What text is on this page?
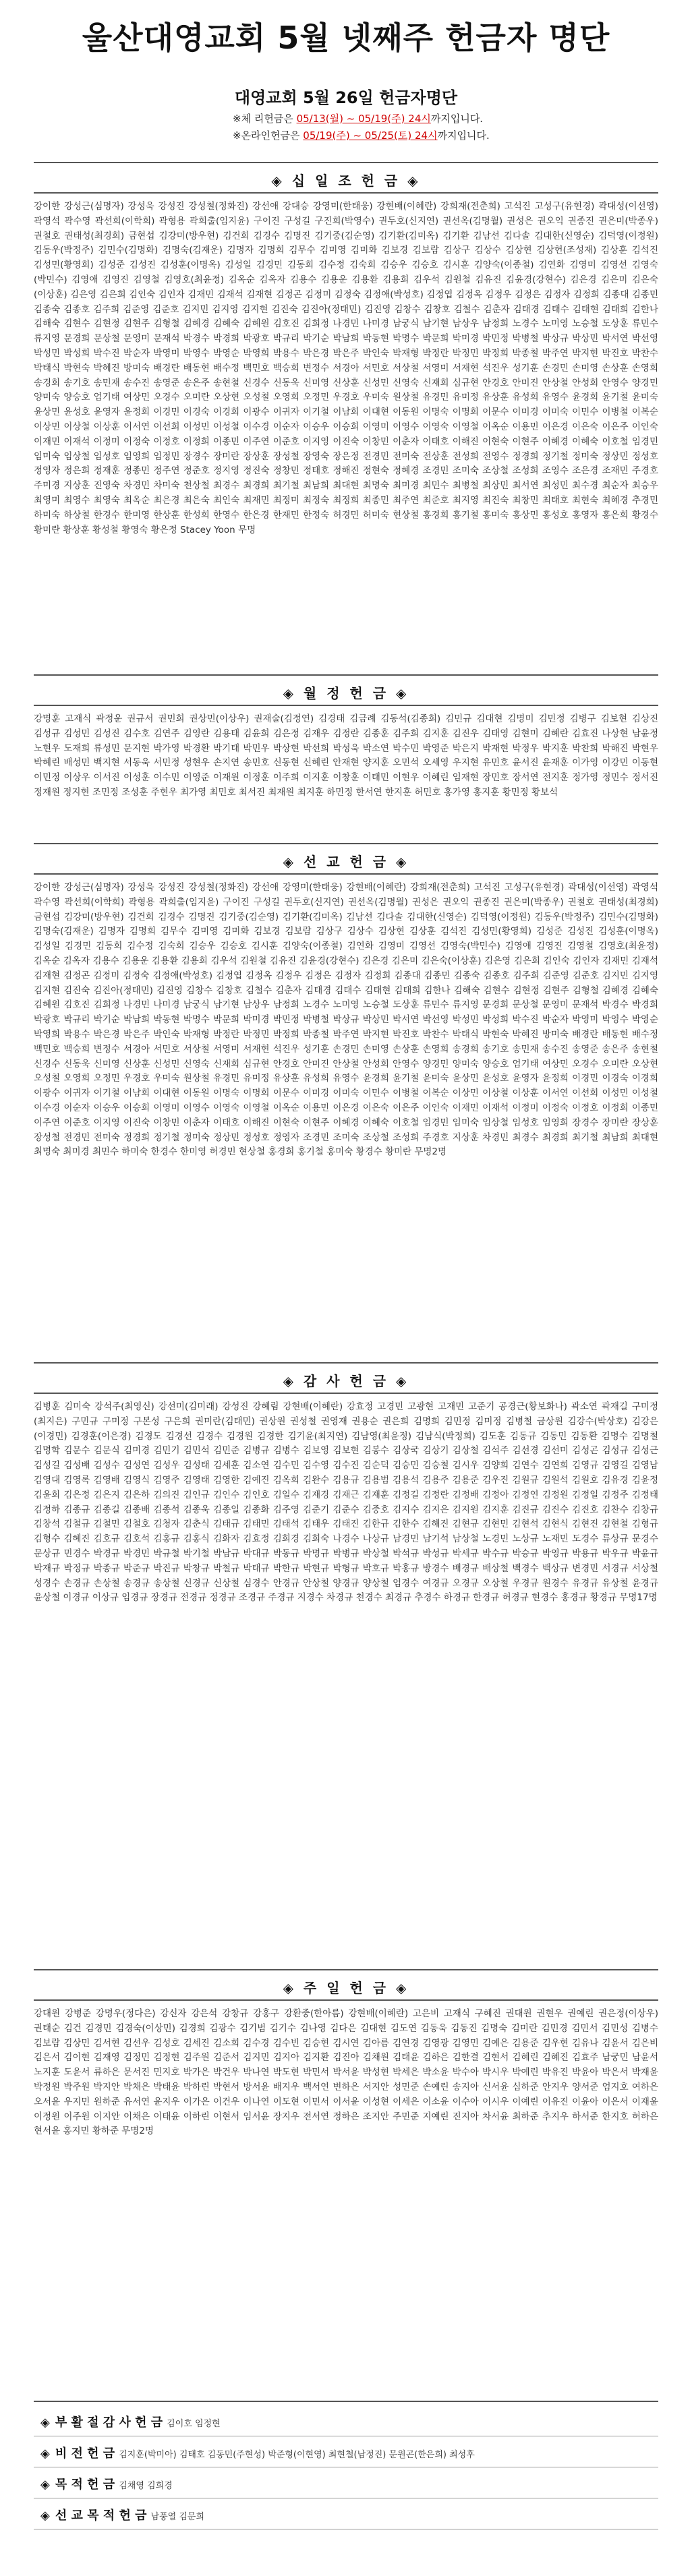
울산대영교회 5월 넷째주 헌금자 명단
대영교회 5월 26일 헌금자명단
※체 리헌금은 05/13(월) ~ 05/19(주) 24시까지입니다.
※온라인헌금은 05/19(주) ~ 05/25(토) 24시까지입니다.
◈ 십 일 조 헌 금 ◈
강이한 강성근(심명자) 강성욱 강성진 강성철(정화진) 강선애 강대승 강영미(한태웅) 강현배(이혜란) 강희재(전춘희) 고석진 고성구(유현경) 곽대성(이선영) 곽영석 곽수영 곽선희(이학희) 곽형용 곽희출(임지윤) 구이진 구성길 구진희(박영수) 권두호(신지연) 권선옥(김명월) 권성은 권오익 권종진 권은미(박종우) 권철호 권태성(최경희) 금현섭 김강미(방우현) 김건희 김경수 김명진 김기중(김순영) 김기환(김미옥) 김기환 김남선 김다솔 김대한(신영순) 김덕영(이정원) 김동우(박정주) 김민수(김명화) 김명숙(김재운) 김명자 김명희 김무수 김미영 김미화 김보경 김보람 김상구 김상수 김상현 김상헌(조성재) 김상훈 김석진 김성민(황영희) 김성준 김성진 김성훈(이명옥) 김성일 김경민 김동희 김수정 김숙희 김승우 김승호 김시훈 김양숙(이종철) 김연화 김영미 김영선 김영숙(박민수) 김영애 김영진 김영철 김영호(최윤정) 김옥순 김옥자 김용수 김용운 김용환 김용희 김우석 김원철 김유진 김윤경(강현수) 김은경 김은미 김은숙(이상훈) 김은영 김은희 김인숙 김인자 김재민 김재석 김재현 김정곤 김정미 김정숙 김정애(박성호) 김정엽 김정옥 김정우 김정은 김정자 김정희 김종대 김종민 김종숙 김종호 김주희 김준영 김준호 김지민 김지영 김지현 김진숙 김진아(정태민) 김진영 김창수 김창호 김철수 김춘자 김태경 김태수 김태현 김태희 김한나 김해숙 김현수 김현정 김현주 김형철 김혜경 김혜숙 김혜원 김호진 김희정 나경민 나미경 남궁식 남기현 남상우 남정희 노경수 노미영 노승철 도상훈 류민수 류지영 문경희 문상철 문영미 문재석 박경수 박경희 박광호 박규리 박기순 박남희 박동현 박명수 박문희 박미경 박민정 박병철 박상규 박상민 박서연 박선영 박성민 박성희 박수진 박순자 박영미 박영수 박영순 박영희 박용수 박은경 박은주 박인숙 박재형 박정란 박정민 박정희 박종철 박주연 박지현 박진호 박찬수 박태식 박현숙 박혜진 방미숙 배경란 배동현 배수정 백민호 백승희 변정수 서경아 서민호 서상철 서영미 서재현 석진우 성기훈 손경민 손미영 손상훈 손영희 송경희 송기호 송민재 송수진 송영준 송은주 송현철 신경수 신동욱 신미영 신상훈 신성민 신영숙 신재희 심규현 안경호 안미진 안상철 안성희 안영수 양경민 양미숙 양승호 엄기태 여상민 오경수 오미란 오상현 오성철 오영희 오정민 우경호 우미숙 원상철 유경민 유미정 유상훈 유성희 유영수 윤경희 윤기철 윤미숙 윤상민 윤성호 윤영자 윤정희 이경민 이경숙 이경희 이광수 이귀자 이기철 이남희 이대현 이동원 이명숙 이명희 이문수 이미경 이미숙 이민수 이병철 이복순 이상민 이상철 이상훈 이서연 이선희 이성민 이성철 이수경 이순자 이승우 이승희 이영미 이영수 이영숙 이영철 이옥순 이용민 이은경 이은숙 이은주 이인숙 이재민 이재석 이정미 이정숙 이정호 이정희 이종민 이주연 이준호 이지영 이진숙 이창민 이춘자 이태호 이해진 이현숙 이현주 이혜경 이혜숙 이호철 임경민 임미숙 임상철 임성호 임영희 임정민 장경수 장미란 장상훈 장성철 장영숙 장은정 전경민 전미숙 전상훈 전성희 전영수 정경희 정기철 정미숙 정상민 정성호 정영자 정은희 정재훈 정종민 정주연 정준호 정지영 정진숙 정창민 정태호 정해진 정현숙 정혜경 조경민 조미숙 조상철 조성희 조영수 조은경 조재민 주경호 주미경 지상훈 진영숙 차경민 차미숙 천상철 최경수 최경희 최기철 최남희 최대현 최명숙 최미경 최민수 최병철 최상민 최서연 최성민 최수경 최순자 최승우 최영미 최영수 최영숙 최옥순 최은경 최은숙 최인숙 최재민 최정미 최정숙 최정희 최종민 최주연 최준호 최지영 최진숙 최창민 최태호 최현숙 최혜경 추경민 하미숙 하상철 한경수 한미영 한상훈 한성희 한영수 한은경 한재민 한정숙 허경민 허미숙 현상철 홍경희 홍기철 홍미숙 홍상민 홍성호 홍영자 홍은희 황경수 황미란 황상훈 황성철 황영숙 황은정 Stacey Yoon 무명
◈ 월 정 헌 금 ◈
강명훈 고재식 곽정운 권규서 권민희 권상민(이상우) 권재술(김정연) 김경태 김금례 김동석(김종희) 김민규 김대현 김명미 김민정 김병구 김보현 김상진 김성규 김성민 김성진 김수호 김연주 김영란 김용태 김윤희 김은정 김재우 김정란 김종훈 김주희 김지훈 김진우 김태영 김현미 김혜란 김효진 나상현 남윤정 노현우 도재희 류성민 문지현 박가영 박경환 박기태 박민우 박상현 박선희 박성욱 박소연 박수민 박영준 박은지 박재현 박정우 박지훈 박찬희 박해진 박현우 박혜린 배성민 백지현 서동욱 서민정 성현우 손지연 송민호 신동현 신혜린 안재현 양지훈 오민석 오세영 우지현 유민호 윤서진 윤재훈 이가영 이강민 이동현 이민정 이상우 이서진 이성훈 이수민 이영준 이재원 이정훈 이주희 이지훈 이창훈 이태민 이현우 이혜린 임재현 장민호 장서연 전지훈 정가영 정민수 정서진 정재원 정지현 조민정 조성훈 주현우 최가영 최민호 최서진 최재원 최지훈 하민정 한서연 한지훈 허민호 홍가영 홍지훈 황민정 황보석
◈ 선 교 헌 금 ◈
강이한 강성근(심명자) 강성욱 강성진 강성철(정화진) 강선애 강영미(한태웅) 강현배(이혜란) 강희재(전춘희) 고석진 고성구(유현경) 곽대성(이선영) 곽영석 곽수영 곽선희(이학희) 곽형용 곽희출(임지윤) 구이진 구성길 권두호(신지연) 권선옥(김명월) 권성은 권오익 권종진 권은미(박종우) 권철호 권태성(최경희) 금현섭 김강미(방우현) 김건희 김경수 김명진 김기중(김순영) 김기환(김미옥) 김남선 김다솔 김대한(신영순) 김덕영(이정원) 김동우(박정주) 김민수(김명화) 김명숙(김재운) 김명자 김명희 김무수 김미영 김미화 김보경 김보람 김상구 김상수 김상현 김상훈 김석진 김성민(황영희) 김성준 김성진 김성훈(이명옥) 김성일 김경민 김동희 김수정 김숙희 김승우 김승호 김시훈 김양숙(이종철) 김연화 김영미 김영선 김영숙(박민수) 김영애 김영진 김영철 김영호(최윤정) 김옥순 김옥자 김용수 김용운 김용환 김용희 김우석 김원철 김유진 김윤경(강현수) 김은경 김은미 김은숙(이상훈) 김은영 김은희 김인숙 김인자 김재민 김재석 김재현 김정곤 김정미 김정숙 김정애(박성호) 김정엽 김정옥 김정우 김정은 김정자 김정희 김종대 김종민 김종숙 김종호 김주희 김준영 김준호 김지민 김지영 김지현 김진숙 김진아(정태민) 김진영 김창수 김창호 김철수 김춘자 김태경 김태수 김태현 김태희 김한나 김해숙 김현수 김현정 김현주 김형철 김혜경 김혜숙 김혜원 김호진 김희정 나경민 나미경 남궁식 남기현 남상우 남정희 노경수 노미영 노승철 도상훈 류민수 류지영 문경희 문상철 문영미 문재석 박경수 박경희 박광호 박규리 박기순 박남희 박동현 박명수 박문희 박미경 박민정 박병철 박상규 박상민 박서연 박선영 박성민 박성희 박수진 박순자 박영미 박영수 박영순 박영희 박용수 박은경 박은주 박인숙 박재형 박정란 박정민 박정희 박종철 박주연 박지현 박진호 박찬수 박태식 박현숙 박혜진 방미숙 배경란 배동현 배수정 백민호 백승희 변정수 서경아 서민호 서상철 서영미 서재현 석진우 성기훈 손경민 손미영 손상훈 손영희 송경희 송기호 송민재 송수진 송영준 송은주 송현철 신경수 신동욱 신미영 신상훈 신성민 신영숙 신재희 심규현 안경호 안미진 안상철 안성희 안영수 양경민 양미숙 양승호 엄기태 여상민 오경수 오미란 오상현 오성철 오영희 오정민 우경호 우미숙 원상철 유경민 유미정 유상훈 유성희 유영수 윤경희 윤기철 윤미숙 윤상민 윤성호 윤영자 윤정희 이경민 이경숙 이경희 이광수 이귀자 이기철 이남희 이대현 이동원 이명숙 이명희 이문수 이미경 이미숙 이민수 이병철 이복순 이상민 이상철 이상훈 이서연 이선희 이성민 이성철 이수경 이순자 이승우 이승희 이영미 이영수 이영숙 이영철 이옥순 이용민 이은경 이은숙 이은주 이인숙 이재민 이재석 이정미 이정숙 이정호 이정희 이종민 이주연 이준호 이지영 이진숙 이창민 이춘자 이태호 이해진 이현숙 이현주 이혜경 이혜숙 이호철 임경민 임미숙 임상철 임성호 임영희 장경수 장미란 장상훈 장성철 전경민 전미숙 정경희 정기철 정미숙 정상민 정성호 정영자 조경민 조미숙 조상철 조성희 주경호 지상훈 차경민 최경수 최경희 최기철 최남희 최대현 최명숙 최미경 최민수 하미숙 한경수 한미영 허경민 현상철 홍경희 홍기철 홍미숙 황경수 황미란 무명2명
◈ 감 사 헌 금 ◈
김병훈 김미숙 강석주(최영신) 강선미(김미래) 강성진 강혜림 강현배(이혜란) 강효정 고경민 고광현 고재민 고준기 공경근(황보화나) 곽소연 곽재길 구미정(최지은) 구민규 구미정 구본성 구은희 권미란(김태민) 권상원 권성철 권영재 권용순 권은희 김명희 김민정 김미정 김병철 금상원 김강수(박상호) 김강은(이경민) 김경훈(이은경) 김경도 김경선 김경수 김경원 김경한 김기윤(최지연) 김남영(최윤정) 김남식(박정희) 김도훈 김동규 김동민 김동환 김명수 김명철 김명학 김문수 김문식 김미경 김민기 김민석 김민준 김병규 김병수 김보영 김보현 김봉수 김상국 김상기 김상철 김석주 김선경 김선미 김성곤 김성규 김성근 김성길 김성배 김성수 김성연 김성우 김성태 김세훈 김소연 김수민 김수영 김수진 김순덕 김승민 김승철 김시우 김양희 김연수 김연희 김영규 김영길 김영남 김영대 김영록 김영배 김영식 김영주 김영태 김영한 김예진 김옥희 김완수 김용규 김용범 김용석 김용주 김용준 김우진 김원규 김원석 김원호 김유경 김윤정 김윤희 김은정 김은지 김은하 김의진 김인규 김인수 김인호 김일수 김재경 김재근 김재훈 김정길 김정란 김정배 김정아 김정연 김정원 김정일 김정주 김정태 김정하 김종규 김종길 김종배 김종석 김종욱 김종일 김종화 김주영 김준기 김준수 김중호 김지수 김지은 김지원 김지훈 김진규 김진수 김진호 김찬수 김창규 김창석 김철규 김철민 김철호 김청자 김춘식 김태규 김태민 김태석 김태우 김태진 김한규 김한수 김해진 김현규 김현민 김현석 김현식 김현진 김현철 김형규 김형수 김혜진 김호규 김호석 김홍규 김홍식 김화자 김효정 김희경 김희숙 나경수 나상규 남경민 남기석 남상철 노경민 노상규 노재민 도경수 류상규 문경수 문상규 민경수 박경규 박경민 박규철 박기철 박남규 박대규 박동규 박명규 박병규 박상철 박석규 박성규 박세규 박수규 박승규 박영규 박용규 박우규 박윤규 박재규 박정규 박종규 박준규 박진규 박창규 박철규 박태규 박한규 박현규 박형규 박호규 박홍규 방경수 배경규 배상철 백경수 백상규 변경민 서경규 서상철 성경수 손경규 손상철 송경규 송상철 신경규 신상철 심경수 안경규 안상철 양경규 양상철 엄경수 여경규 오경규 오상철 우경규 원경수 유경규 유상철 윤경규 윤상철 이경규 이상규 임경규 장경규 전경규 정경규 조경규 주경규 지경수 차경규 천경수 최경규 추경수 하경규 한경규 허경규 현경수 홍경규 황경규 무명17명
◈ 주 일 헌 금 ◈
강대원 강병준 강명우(정다은) 강신자 강은석 강창규 강홍구 강환중(한아름) 강현배(이혜란) 고은비 고재식 구혜진 권대원 권현우 권예린 권은정(이상우) 권태순 김건 김경민 김경숙(이상민) 김경희 김광수 김기범 김기수 김나영 김다은 김대현 김도연 김동욱 김동진 김명숙 김미란 김민경 김민서 김민성 김병수 김보람 김상민 김서현 김선우 김성호 김세진 김소희 김수경 김수빈 김승현 김시연 김아름 김연경 김영광 김영민 김예은 김용준 김우현 김유나 김윤서 김은비 김은서 김이현 김재영 김정민 김정현 김주원 김준서 김지민 김지아 김지환 김진아 김채원 김태윤 김하은 김한결 김현서 김혜린 김혜진 김효주 남궁민 남윤서 노지훈 도윤서 류하은 문서진 민지호 박가은 박건우 박나연 박도현 박민서 박서윤 박성현 박세은 박소윤 박수아 박시우 박예린 박유진 박윤아 박은서 박재윤 박정원 박주원 박지안 박채은 박태윤 박하린 박현서 방서윤 배지우 백서연 변하은 서지안 성민준 손예린 송지아 신서윤 심하준 안지우 양서준 엄지호 여하은 오서윤 우지민 원하준 유서연 윤지우 이가은 이건우 이나연 이도현 이민서 이서윤 이성현 이세은 이소윤 이수아 이시우 이예린 이유진 이윤아 이은서 이재윤 이정원 이주원 이지안 이채은 이태윤 이하린 이현서 임서윤 장지우 전서연 정하은 조지안 주민준 지예린 진지아 차서윤 최하준 추지우 하서준 한지호 허하은 현서윤 홍지민 황하준 무명2명
◈ 부 활 절 감 사 헌 금 김이호 임정현
◈ 비 전 헌 금 김지훈(박미아) 김태호 김동민(주현성) 박준형(이현영) 최현철(남정진) 문원곤(한은희) 최성후
◈ 목 적 헌 금 김채영 김희경
◈ 선 교 목 적 헌 금 남풍열 김문희
